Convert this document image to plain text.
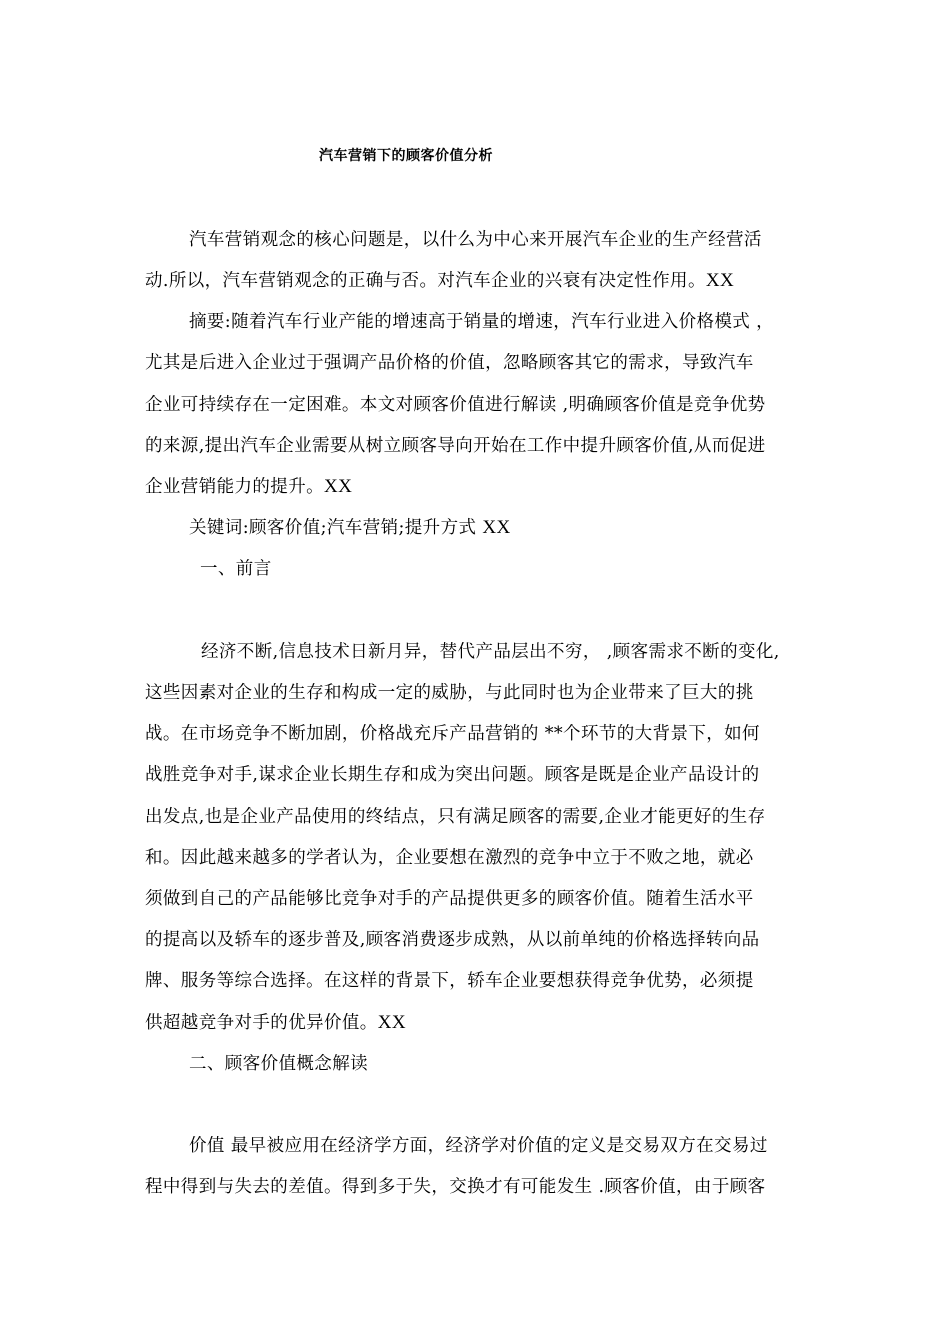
汽车营销下的顾客价值分析
汽车营销观念的核心问题是，以什么为中心来开展汽车企业的生产经营活
动.所以，汽车营销观念的正确与否。对汽车企业的兴衰有决定性作用。XX
摘要:随着汽车行业产能的增速高于销量的增速，汽车行业进入价格模式 ，
尤其是后进入企业过于强调产品价格的价值，忽略顾客其它的需求，导致汽车
企业可持续存在一定困难。本文对顾客价值进行解读 ,明确顾客价值是竞争优势
的来源,提出汽车企业需要从树立顾客导向开始在工作中提升顾客价值,从而促进
企业营销能力的提升。XX
关键词:顾客价值;汽车营销;提升方式 XX
一、前言
经济不断,信息技术日新月异，替代产品层出不穷， ,顾客需求不断的变化,
这些因素对企业的生存和构成一定的威胁，与此同时也为企业带来了巨大的挑
战。在市场竞争不断加剧，价格战充斥产品营销的 **个环节的大背景下，如何
战胜竞争对手,谋求企业长期生存和成为突出问题。顾客是既是企业产品设计的
出发点,也是企业产品使用的终结点，只有满足顾客的需要,企业才能更好的生存
和。因此越来越多的学者认为，企业要想在激烈的竞争中立于不败之地，就必
须做到自己的产品能够比竞争对手的产品提供更多的顾客价值。随着生活水平
的提高以及轿车的逐步普及,顾客消费逐步成熟，从以前单纯的价格选择转向品
牌、服务等综合选择。在这样的背景下，轿车企业要想获得竞争优势，必须提
供超越竞争对手的优异价值。XX
二、顾客价值概念解读
价值 最早被应用在经济学方面，经济学对价值的定义是交易双方在交易过
程中得到与失去的差值。得到多于失，交换才有可能发生 .顾客价值，由于顾客
